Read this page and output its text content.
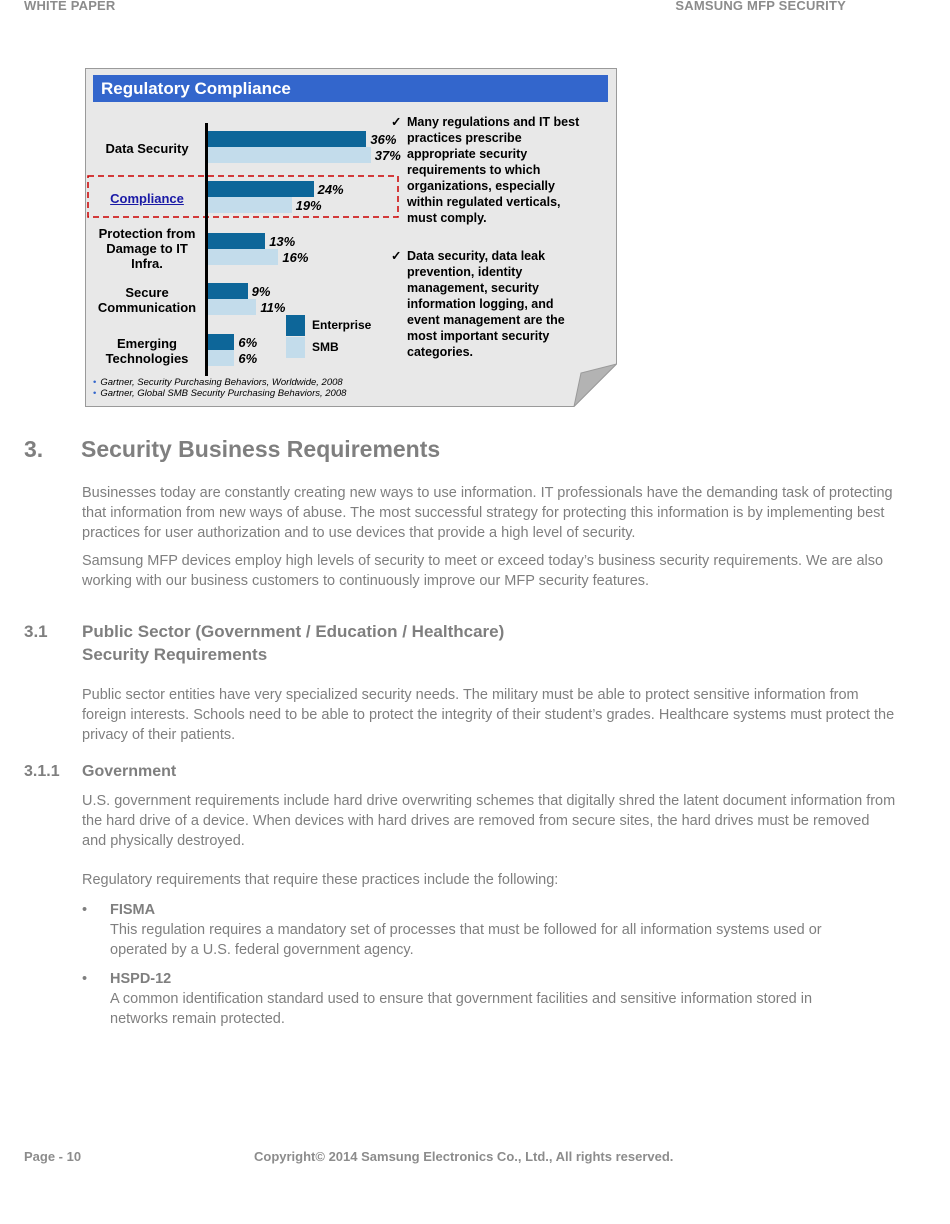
WHITE PAPER	SAMSUNG MFP SECURITY
Regulatory Compliance
Data Security
Compliance
Protection from Damage to IT Infra.
Secure Communication
Emerging Technologies
36%
37%
24%
19%
13%
16%
9%
11%
6%
6%
Enterprise
SMB
✓ Many regulations and IT best practices prescribe appropriate security requirements to which organizations, especially within regulated verticals, must comply.
✓ Data security, data leak prevention, identity management, security information logging, and event management are the most important security categories.
• Gartner, Security Purchasing Behaviors, Worldwide, 2008
• Gartner, Global SMB Security Purchasing Behaviors, 2008
3. Security Business Requirements
Businesses today are constantly creating new ways to use information. IT professionals have the demanding task of protecting that information from new ways of abuse. The most successful strategy for protecting this information is by implementing best practices for user authorization and to use devices that provide a high level of security.
Samsung MFP devices employ high levels of security to meet or exceed today’s business security requirements. We are also working with our business customers to continuously improve our MFP security features.
3.1 Public Sector (Government / Education / Healthcare)
Security Requirements
Public sector entities have very specialized security needs. The military must be able to protect sensitive information from foreign interests. Schools need to be able to protect the integrity of their student’s grades. Healthcare systems must protect the privacy of their patients.
3.1.1 Government
U.S. government requirements include hard drive overwriting schemes that digitally shred the latent document information from the hard drive of a device. When devices with hard drives are removed from secure sites, the hard drives must be removed and physically destroyed.
Regulatory requirements that require these practices include the following:
• FISMA
This regulation requires a mandatory set of processes that must be followed for all information systems used or operated by a U.S. federal government agency.
• HSPD-12
A common identification standard used to ensure that government facilities and sensitive information stored in networks remain protected.
Page - 10	Copyright© 2014 Samsung Electronics Co., Ltd., All rights reserved.
